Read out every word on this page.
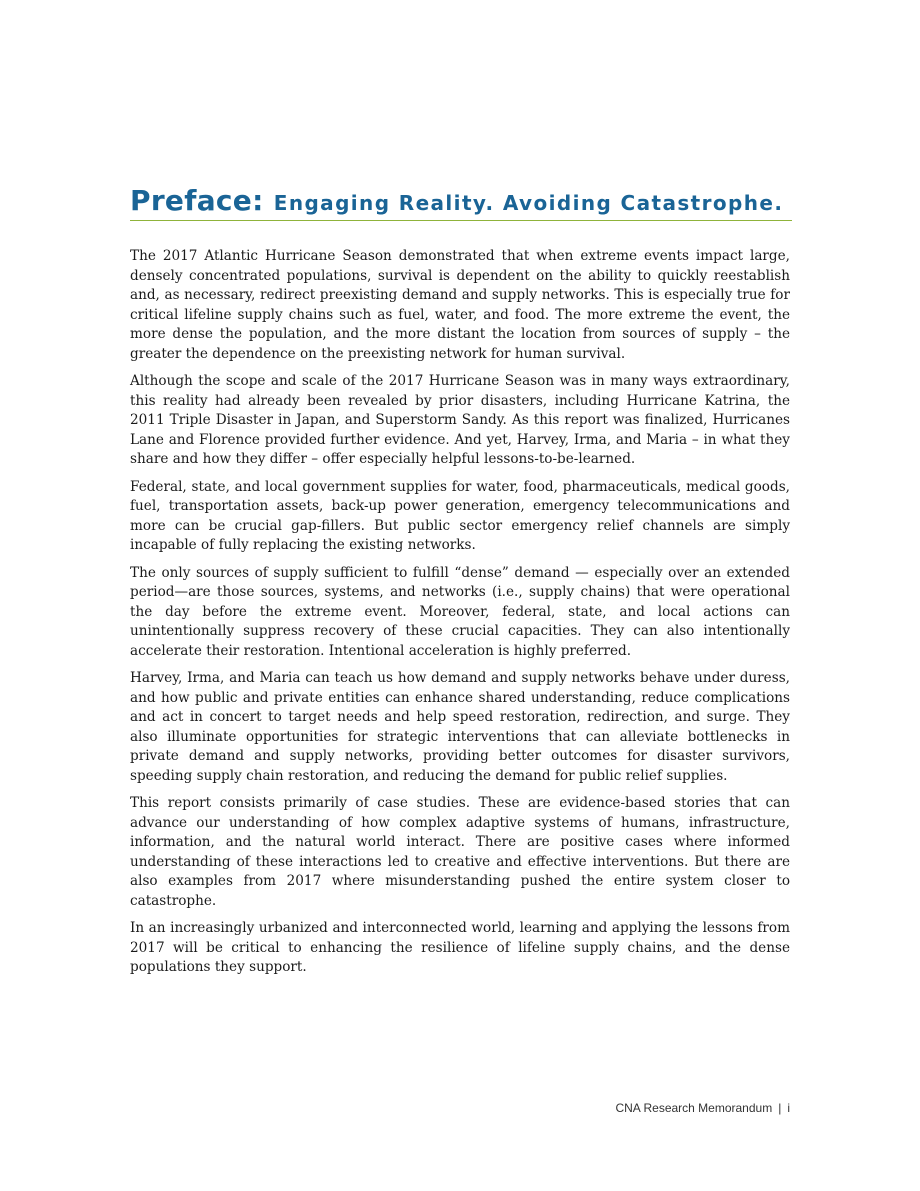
Preface: Engaging Reality. Avoiding Catastrophe.

The 2017 Atlantic Hurricane Season demonstrated that when extreme events impact large, densely concentrated populations, survival is dependent on the ability to quickly reestablish and, as necessary, redirect preexisting demand and supply networks. This is especially true for critical lifeline supply chains such as fuel, water, and food. The more extreme the event, the more dense the population, and the more distant the location from sources of supply – the greater the dependence on the preexisting network for human survival.

Although the scope and scale of the 2017 Hurricane Season was in many ways extraordinary, this reality had already been revealed by prior disasters, including Hurricane Katrina, the 2011 Triple Disaster in Japan, and Superstorm Sandy. As this report was finalized, Hurricanes Lane and Florence provided further evidence. And yet, Harvey, Irma, and Maria – in what they share and how they differ – offer especially helpful lessons-to-be-learned.

Federal, state, and local government supplies for water, food, pharmaceuticals, medical goods, fuel, transportation assets, back-up power generation, emergency telecommunications and more can be crucial gap-fillers. But public sector emergency relief channels are simply incapable of fully replacing the existing networks.

The only sources of supply sufficient to fulfill “dense” demand — especially over an extended period—are those sources, systems, and networks (i.e., supply chains) that were operational the day before the extreme event. Moreover, federal, state, and local actions can unintentionally suppress recovery of these crucial capacities. They can also intentionally accelerate their restoration. Intentional acceleration is highly preferred.

Harvey, Irma, and Maria can teach us how demand and supply networks behave under duress, and how public and private entities can enhance shared understanding, reduce complications and act in concert to target needs and help speed restoration, redirection, and surge. They also illuminate opportunities for strategic interventions that can alleviate bottlenecks in private demand and supply networks, providing better outcomes for disaster survivors, speeding supply chain restoration, and reducing the demand for public relief supplies.

This report consists primarily of case studies. These are evidence-based stories that can advance our understanding of how complex adaptive systems of humans, infrastructure, information, and the natural world interact. There are positive cases where informed understanding of these interactions led to creative and effective interventions. But there are also examples from 2017 where misunderstanding pushed the entire system closer to catastrophe.

In an increasingly urbanized and interconnected world, learning and applying the lessons from 2017 will be critical to enhancing the resilience of lifeline supply chains, and the dense populations they support.

CNA Research Memorandum | i
